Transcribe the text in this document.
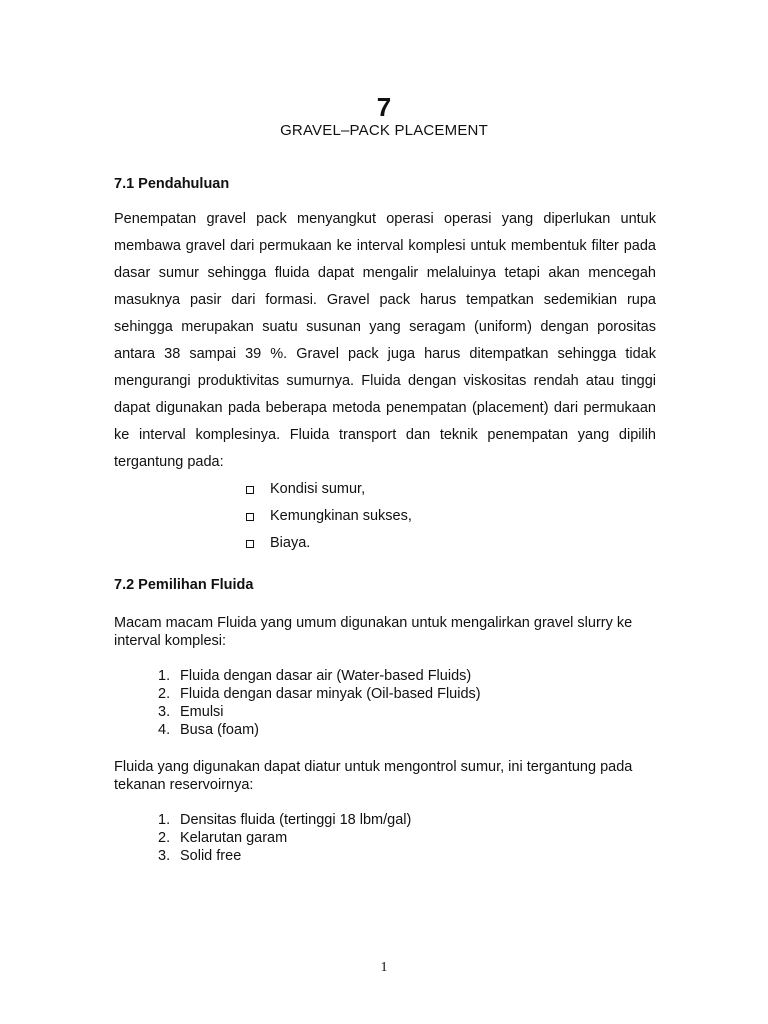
7
GRAVEL–PACK PLACEMENT
7.1 Pendahuluan

Penempatan gravel pack menyangkut operasi operasi yang diperlukan untuk membawa gravel dari permukaan ke interval komplesi untuk membentuk filter pada dasar sumur sehingga fluida dapat mengalir melaluinya tetapi akan mencegah masuknya pasir dari formasi. Gravel pack harus tempatkan sedemikian rupa sehingga merupakan suatu susunan yang seragam (uniform) dengan porositas antara 38 sampai 39 %. Gravel pack juga harus ditempatkan sehingga tidak mengurangi produktivitas sumurnya. Fluida dengan viskositas rendah atau tinggi dapat digunakan pada beberapa metoda penempatan (placement) dari permukaan ke interval komplesinya. Fluida transport dan teknik penempatan yang dipilih tergantung pada:

Kondisi sumur,
Kemungkinan sukses,
Biaya.
7.2 Pemilihan Fluida

Macam macam Fluida yang umum digunakan untuk mengalirkan gravel slurry ke interval komplesi:

1. Fluida dengan dasar air (Water-based Fluids)
2. Fluida dengan dasar minyak (Oil-based Fluids)
3. Emulsi
4. Busa (foam)

Fluida yang digunakan dapat diatur untuk mengontrol sumur, ini tergantung pada tekanan reservoirnya:

1. Densitas fluida (tertinggi 18 lbm/gal)
2. Kelarutan garam
3. Solid free
1
